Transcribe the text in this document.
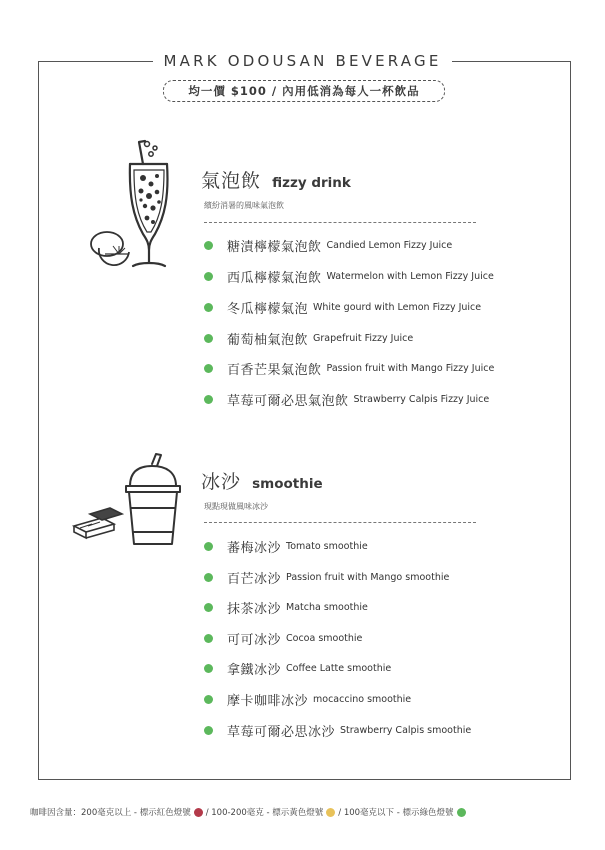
MARK ODOUSAN BEVERAGE
均一價 $100 / 內用低消為每人一杯飲品
氣泡飲 fizzy drink
繽紛消暑的風味氣泡飲
糖漬檸檬氣泡飲 Candied Lemon Fizzy Juice
西瓜檸檬氣泡飲 Watermelon with Lemon Fizzy Juice
冬瓜檸檬氣泡 White gourd with Lemon Fizzy Juice
葡萄柚氣泡飲 Grapefruit Fizzy Juice
百香芒果氣泡飲 Passion fruit with Mango Fizzy Juice
草莓可爾必思氣泡飲 Strawberry Calpis Fizzy Juice
冰沙 smoothie
現點現做風味冰沙
蕃梅冰沙 Tomato smoothie
百芒冰沙 Passion fruit with Mango smoothie
抹茶冰沙 Matcha smoothie
可可冰沙 Cocoa smoothie
拿鐵冰沙 Coffee Latte smoothie
摩卡咖啡冰沙 mocaccino smoothie
草莓可爾必思冰沙 Strawberry Calpis smoothie
咖啡因含量：200毫克以上 - 標示紅色燈號 / 100-200毫克 - 標示黃色燈號 / 100毫克以下 - 標示綠色燈號
